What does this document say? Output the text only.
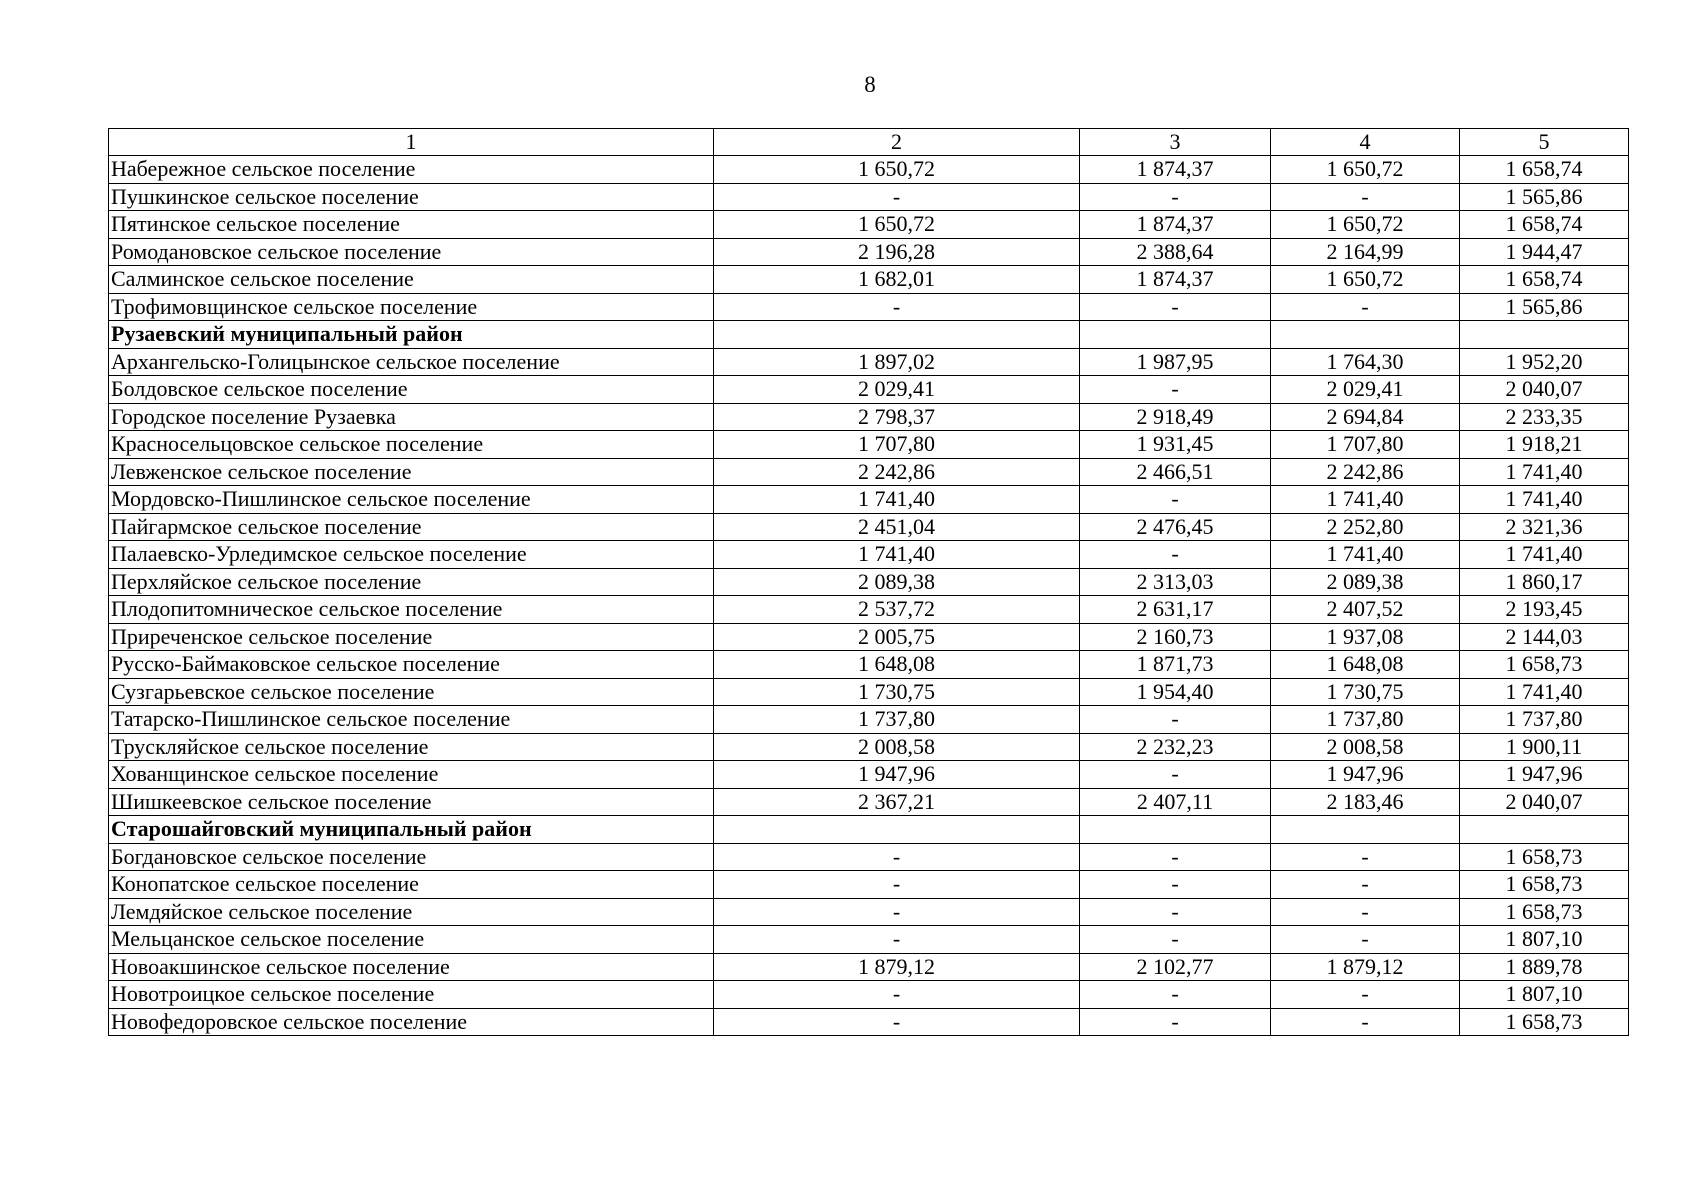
8
1	2	3	4	5
Набережное сельское поселение	1 650,72	1 874,37	1 650,72	1 658,74
Пушкинское сельское поселение	-	-	-	1 565,86
Пятинское сельское поселение	1 650,72	1 874,37	1 650,72	1 658,74
Ромодановское сельское поселение	2 196,28	2 388,64	2 164,99	1 944,47
Салминское сельское поселение	1 682,01	1 874,37	1 650,72	1 658,74
Трофимовщинское сельское поселение	-	-	-	1 565,86
Рузаевский муниципальный район				
Архангельско-Голицынское сельское поселение	1 897,02	1 987,95	1 764,30	1 952,20
Болдовское сельское поселение	2 029,41	-	2 029,41	2 040,07
Городское поселение Рузаевка	2 798,37	2 918,49	2 694,84	2 233,35
Красносельцовское сельское поселение	1 707,80	1 931,45	1 707,80	1 918,21
Левженское сельское поселение	2 242,86	2 466,51	2 242,86	1 741,40
Мордовско-Пишлинское сельское поселение	1 741,40	-	1 741,40	1 741,40
Пайгармское сельское поселение	2 451,04	2 476,45	2 252,80	2 321,36
Палаевско-Урледимское сельское поселение	1 741,40	-	1 741,40	1 741,40
Перхляйское сельское поселение	2 089,38	2 313,03	2 089,38	1 860,17
Плодопитомническое сельское поселение	2 537,72	2 631,17	2 407,52	2 193,45
Приреченское сельское поселение	2 005,75	2 160,73	1 937,08	2 144,03
Русско-Баймаковское сельское поселение	1 648,08	1 871,73	1 648,08	1 658,73
Сузгарьевское сельское поселение	1 730,75	1 954,40	1 730,75	1 741,40
Татарско-Пишлинское сельское поселение	1 737,80	-	1 737,80	1 737,80
Трускляйское сельское поселение	2 008,58	2 232,23	2 008,58	1 900,11
Хованщинское сельское поселение	1 947,96	-	1 947,96	1 947,96
Шишкеевское сельское поселение	2 367,21	2 407,11	2 183,46	2 040,07
Старошайговский муниципальный район				
Богдановское сельское поселение	-	-	-	1 658,73
Конопатское сельское поселение	-	-	-	1 658,73
Лемдяйское сельское поселение	-	-	-	1 658,73
Мельцанское сельское поселение	-	-	-	1 807,10
Новоакшинское сельское поселение	1 879,12	2 102,77	1 879,12	1 889,78
Новотроицкое сельское поселение	-	-	-	1 807,10
Новофедоровское сельское поселение	-	-	-	1 658,73
